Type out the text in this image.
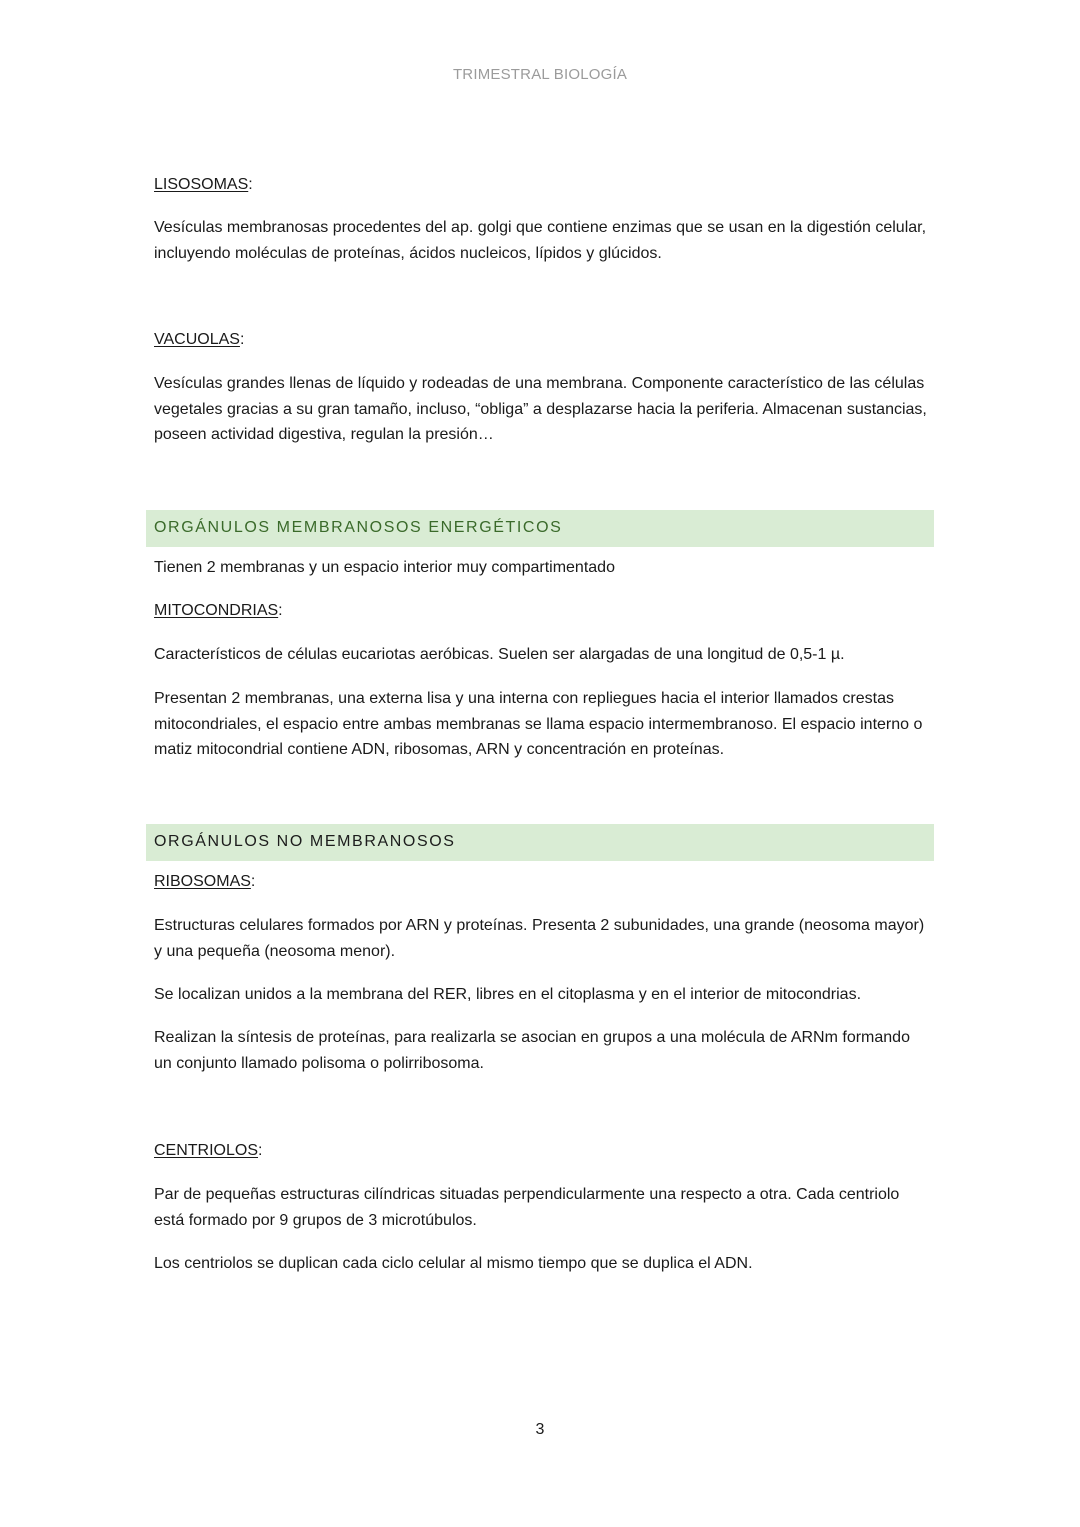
TRIMESTRAL BIOLOGÍA
LISOSOMAS:
Vesículas membranosas procedentes del ap. golgi que contiene enzimas que se usan en la digestión celular, incluyendo moléculas de proteínas, ácidos nucleicos, lípidos y glúcidos.
VACUOLAS:
Vesículas grandes llenas de líquido y rodeadas de una membrana. Componente característico de las células vegetales gracias a su gran tamaño, incluso, “obliga” a desplazarse hacia la periferia. Almacenan sustancias, poseen actividad digestiva, regulan la presión…
ORGÁNULOS MEMBRANOSOS ENERGÉTICOS
Tienen 2 membranas y un espacio interior muy compartimentado
MITOCONDRIAS:
Característicos de células eucariotas aeróbicas. Suelen ser alargadas de una longitud de 0,5-1 µ.
Presentan 2 membranas, una externa lisa y una interna con repliegues hacia el interior llamados crestas mitocondriales, el espacio entre ambas membranas se llama espacio intermembranoso. El espacio interno o matiz mitocondrial contiene ADN, ribosomas, ARN y concentración en proteínas.
ORGÁNULOS NO MEMBRANOSOS
RIBOSOMAS:
Estructuras celulares formados por ARN y proteínas. Presenta 2 subunidades, una grande (neosoma mayor) y una pequeña (neosoma menor).
Se localizan unidos a la membrana del RER, libres en el citoplasma y en el interior de mitocondrias.
Realizan la síntesis de proteínas, para realizarla se asocian en grupos a una molécula de ARNm formando un conjunto llamado polisoma o polirribosoma.
CENTRIOLOS:
Par de pequeñas estructuras cilíndricas situadas perpendicularmente una respecto a otra. Cada centriolo está formado por 9 grupos de 3 microtúbulos.
Los centriolos se duplican cada ciclo celular al mismo tiempo que se duplica el ADN.
3
